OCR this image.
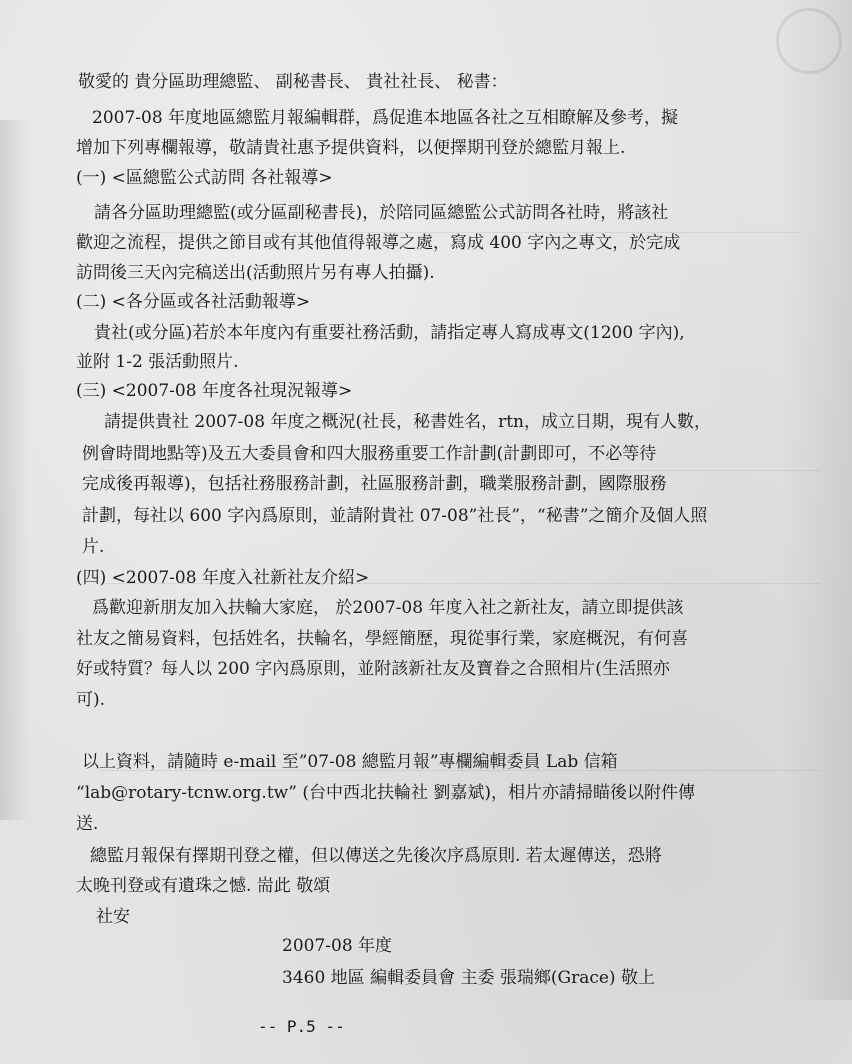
敬愛的 貴分區助理總監、 副秘書長、 貴社社長、 秘書：
2007-08 年度地區總監月報編輯群，爲促進本地區各社之互相瞭解及參考，擬
增加下列專欄報導，敬請貴社惠予提供資料，以便擇期刊登於總監月報上.
(一) <區總監公式訪問 各社報導>
請各分區助理總監(或分區副秘書長)，於陪同區總監公式訪問各社時，將該社
歡迎之流程，提供之節目或有其他值得報導之處，寫成 400 字內之專文，於完成
訪問後三天內完稿送出(活動照片另有專人拍攝).
(二) <各分區或各社活動報導>
貴社(或分區)若於本年度內有重要社務活動，請指定專人寫成專文(1200 字內),
並附 1-2 張活動照片.
(三) <2007-08 年度各社現況報導>
請提供貴社 2007-08 年度之概況(社長，秘書姓名，rtn，成立日期，現有人數，
例會時間地點等)及五大委員會和四大服務重要工作計劃(計劃即可，不必等待
完成後再報導)，包括社務服務計劃，社區服務計劃，職業服務計劃，國際服務
計劃，每社以 600 字內爲原則，並請附貴社 07-08”社長”，“秘書”之簡介及個人照
片.
(四) <2007-08 年度入社新社友介紹>
爲歡迎新朋友加入扶輪大家庭， 於2007-08 年度入社之新社友，請立即提供該
社友之簡易資料，包括姓名，扶輪名，學經簡歷，現從事行業，家庭概況，有何喜
好或特質？每人以 200 字內爲原則，並附該新社友及寶眷之合照相片(生活照亦
可).
以上資料，請隨時 e-mail 至”07-08 總監月報”專欄編輯委員 Lab 信箱
“lab@rotary-tcnw.org.tw” (台中西北扶輪社 劉嘉斌)，相片亦請掃瞄後以附件傳
送.
總監月報保有擇期刊登之權，但以傳送之先後次序爲原則. 若太遲傳送，恐將
太晚刊登或有遺珠之憾. 耑此 敬頌
社安
2007-08 年度
3460 地區 編輯委員會 主委 張瑞鄉(Grace) 敬上
-- P.5 --
